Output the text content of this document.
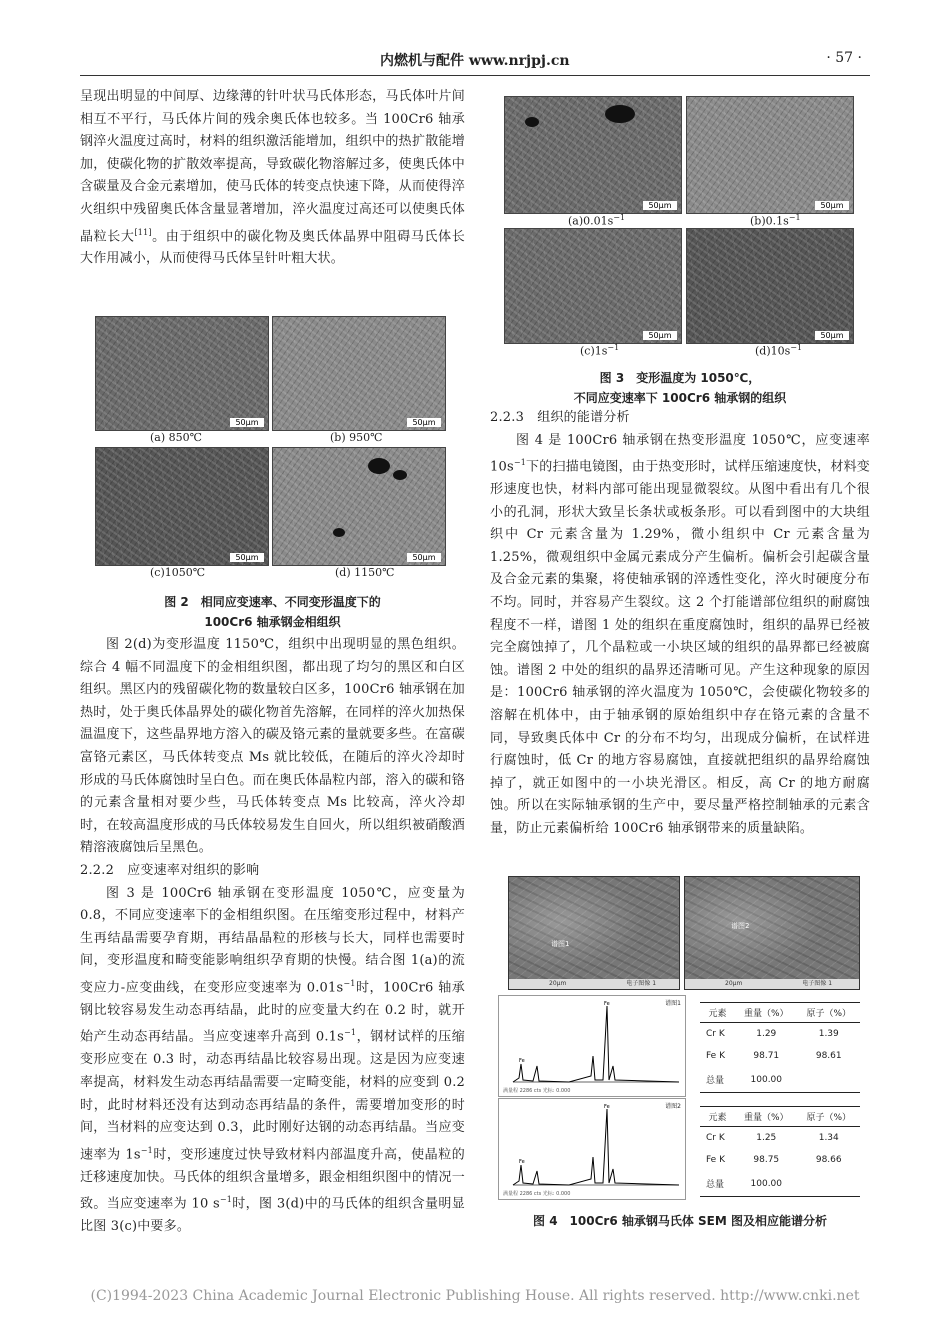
内燃机与配件 www.nrjpj.cn	· 57 ·

呈现出明显的中间厚、边缘薄的针叶状马氏体形态，马氏体叶片间相互不平行，马氏体片间的残余奥氏体也较多。当 100Cr6 轴承钢淬火温度过高时，材料的组织激活能增加，组织中的热扩散能增加，使碳化物的扩散效率提高，导致碳化物溶解过多，使奥氏体中含碳量及合金元素增加，使马氏体的转变点快速下降，从而使得淬火组织中残留奥氏体含量显著增加，淬火温度过高还可以使奥氏体晶粒长大[11]。由于组织中的碳化物及奥氏体晶界中阻碍马氏体长大作用减小，从而使得马氏体呈针叶粗大状。

50μm
(a) 850℃
50μm
(b) 950℃
50μm
(c)1050℃
50μm
(d) 1150℃
图 2　相同应变速率、不同变形温度下的
100Cr6 轴承钢金相组织

图 2(d)为变形温度 1150℃，组织中出现明显的黑色组织。综合 4 幅不同温度下的金相组织图，都出现了均匀的黑区和白区组织。黑区内的残留碳化物的数量较白区多，100Cr6 轴承钢在加热时，处于奥氏体晶界处的碳化物首先溶解，在同样的淬火加热保温温度下，这些晶界地方溶入的碳及铬元素的量就要多些。在富碳富铬元素区，马氏体转变点 Ms 就比较低，在随后的淬火冷却时形成的马氏体腐蚀时呈白色。而在奥氏体晶粒内部，溶入的碳和铬的元素含量相对要少些，马氏体转变点 Ms 比较高，淬火冷却时，在较高温度形成的马氏体较易发生自回火，所以组织被硝酸酒精溶液腐蚀后呈黑色。

2.2.2　应变速率对组织的影响

图 3 是 100Cr6 轴承钢在变形温度 1050℃，应变量为 0.8，不同应变速率下的金相组织图。在压缩变形过程中，材料产生再结晶需要孕育期，再结晶晶粒的形核与长大，同样也需要时间，变形温度和畸变能影响组织孕育期的快慢。结合图 1(a)的流变应力-应变曲线，在变形应变速率为 $0.01s^{-1}$时，100Cr6 轴承钢比较容易发生动态再结晶，此时的应变量大约在 0.2 时，就开始产生动态再结晶。当应变速率升高到 $0.1s^{-1}$，钢材试样的压缩变形应变在 0.3 时，动态再结晶比较容易出现。这是因为应变速率提高，材料发生动态再结晶需要一定畸变能，材料的应变到 0.2 时，此时材料还没有达到动态再结晶的条件，需要增加变形的时间，当材料的应变达到 0.3，此时刚好达钢的动态再结晶。当应变速率为 $1s^{-1}$时，变形速度过快导致材料内部温度升高，使晶粒的迁移速度加快。马氏体的组织含量增多，跟金相组织图中的情况一致。当应变速率为 10 $s^{-1}$时，图 3(d)中的马氏体的组织含量明显比图 3(c)中要多。

50μm
$(a)0.01s^{-1}$
50μm
$(b)0.1s^{-1}$
50μm
$(c)1s^{-1}$
50μm
$(d)10s^{-1}$
图 3　变形温度为 1050℃，
不同应变速率下 100Cr6 轴承钢的组织

2.2.3　组织的能谱分析

图 4 是 100Cr6 轴承钢在热变形温度 1050℃，应变速率 $10s^{-1}$下的扫描电镜图，由于热变形时，试样压缩速度快，材料变形速度也快，材料内部可能出现显微裂纹。从图中看出有几个很小的孔洞，形状大致呈长条状或板条形。可以看到图中的大块组织中 Cr 元素含量为 1.29%，微小组织中 Cr 元素含量为 1.25%，微观组织中金属元素成分产生偏析。偏析会引起碳含量及合金元素的集聚，将使轴承钢的淬透性变化，淬火时硬度分布不均。同时，并容易产生裂纹。这 2 个打能谱部位组织的耐腐蚀程度不一样，谱图 1 处的组织在重度腐蚀时，组织的晶界已经被完全腐蚀掉了，几个晶粒或一小块区域的组织的晶界都已经被腐蚀。谱图 2 中处的组织的晶界还清晰可见。产生这种现象的原因是：100Cr6 轴承钢的淬火温度为 1050℃，会使碳化物较多的溶解在机体中，由于轴承钢的原始组织中存在铬元素的含量不同，导致奥氏体中 Cr 的分布不均匀，出现成分偏析，在试样进行腐蚀时，低 Cr 的地方容易腐蚀，直接就把组织的晶界给腐蚀掉了，就正如图中的一小块光滑区。相反，高 Cr 的地方耐腐蚀。所以在实际轴承钢的生产中，要尽量严格控制轴承的元素含量，防止元素偏析给 100Cr6 轴承钢带来的质量缺陷。

谱图1
20μm	电子图像 1
谱图2
20μm	电子图像 1
谱图1
Fe
Fe
满量程 2286 cts 光标: 0.000
元素	重量（%）	原子（%）
Cr K	1.29	1.39
Fe K	98.71	98.61
总量	100.00	
谱图2
Fe
Fe
满量程 2286 cts 光标: 0.000
元素	重量（%）	原子（%）
Cr K	1.25	1.34
Fe K	98.75	98.66
总量	100.00	
图 4　100Cr6 轴承钢马氏体 SEM 图及相应能谱分析
(C)1994-2023 China Academic Journal Electronic Publishing House. All rights reserved. http://www.cnki.net
